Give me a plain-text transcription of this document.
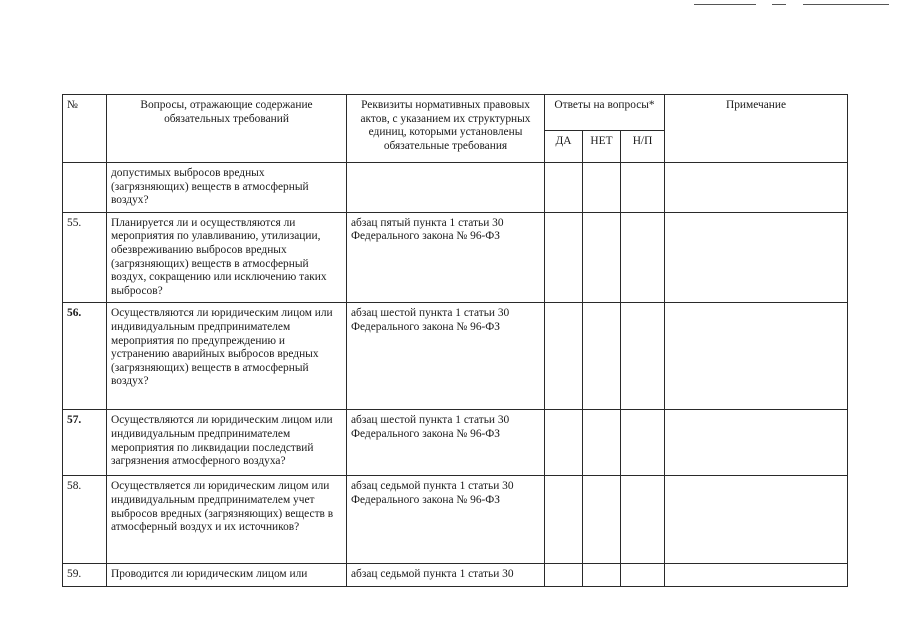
№	Вопросы, отражающие содержание обязательных требований	Реквизиты нормативных правовых актов, с указанием их структурных единиц, которыми установлены обязательные требования	Ответы на вопросы*			Примечание
			ДА	НЕТ	Н/П	
	допустимых выбросов вредных (загрязняющих) веществ в атмосферный воздух?					
55.	Планируется ли и осуществляются ли мероприятия по улавливанию, утилизации, обезвреживанию выбросов вредных (загрязняющих) веществ в атмосферный воздух, сокращению или исключению таких выбросов?	абзац пятый пункта 1 статьи 30 Федерального закона № 96-ФЗ				
56.	Осуществляются ли юридическим лицом или индивидуальным предпринимателем мероприятия по предупреждению и устранению аварийных выбросов вредных (загрязняющих) веществ в атмосферный воздух?	абзац шестой пункта 1 статьи 30 Федерального закона № 96-ФЗ				
57.	Осуществляются ли юридическим лицом или индивидуальным предпринимателем мероприятия по ликвидации последствий загрязнения атмосферного воздуха?	абзац шестой пункта 1 статьи 30 Федерального закона № 96-ФЗ				
58.	Осуществляется ли юридическим лицом или индивидуальным предпринимателем учет выбросов вредных (загрязняющих) веществ в атмосферный воздух и их источников?	абзац седьмой пункта 1 статьи 30 Федерального закона № 96-ФЗ				
59.	Проводится ли юридическим лицом или	абзац седьмой пункта 1 статьи 30				
